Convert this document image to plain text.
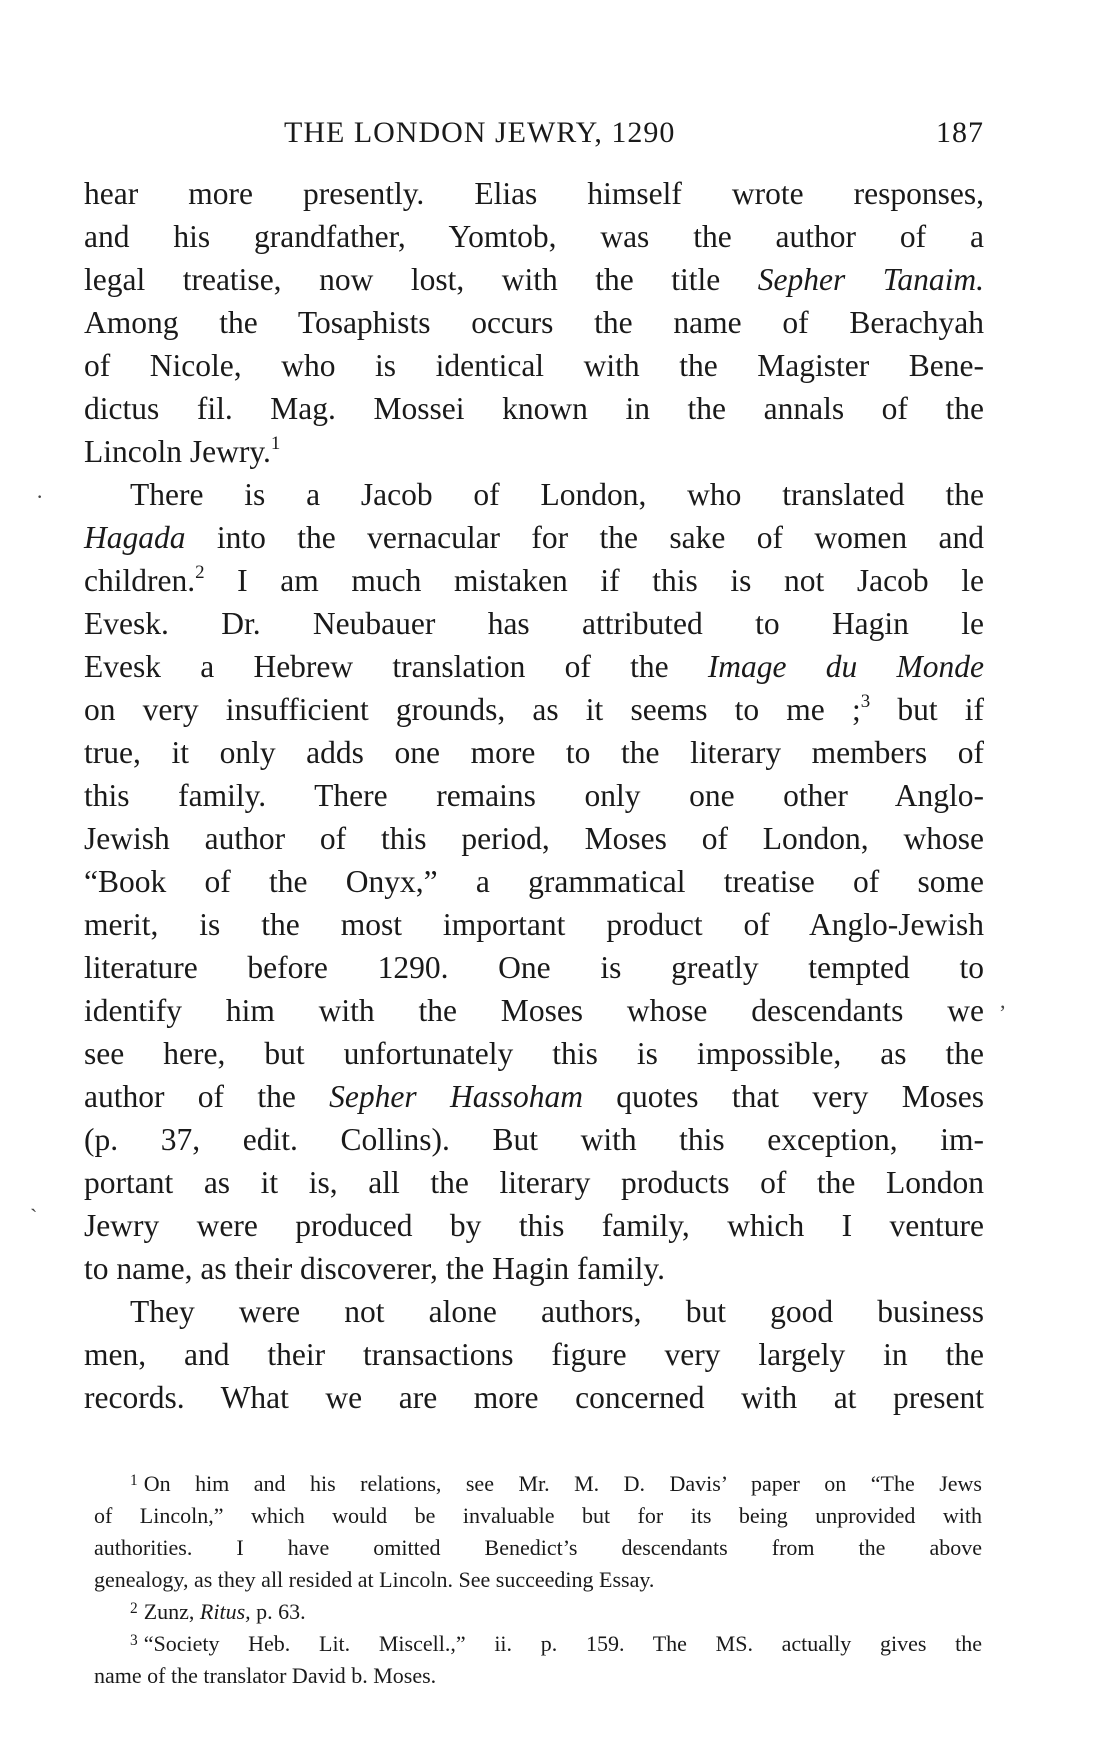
THE LONDON JEWRY, 1290	187
·
,
ˋ
hear more presently. Elias himself wrote responses,
and his grandfather, Yomtob, was the author of a
legal treatise, now lost, with the title Sepher Tanaim.
Among the Tosaphists occurs the name of Berachyah
of Nicole, who is identical with the Magister Bene-
dictus fil. Mag. Mossei known in the annals of the
Lincoln Jewry.$^1$
There is a Jacob of London, who translated the
Hagada into the vernacular for the sake of women and
children.$^2$ I am much mistaken if this is not Jacob le
Evesk. Dr. Neubauer has attributed to Hagin le
Evesk a Hebrew translation of the Image du Monde
on very insufficient grounds, as it seems to me ;$^3$ but if
true, it only adds one more to the literary members of
this family. There remains only one other Anglo-
Jewish author of this period, Moses of London, whose
“Book of the Onyx,” a grammatical treatise of some
merit, is the most important product of Anglo-Jewish
literature before 1290. One is greatly tempted to
identify him with the Moses whose descendants we
see here, but unfortunately this is impossible, as the
author of the Sepher Hassoham quotes that very Moses
(p. 37, edit. Collins). But with this exception, im-
portant as it is, all the literary products of the London
Jewry were produced by this family, which I venture
to name, as their discoverer, the Hagin family.
They were not alone authors, but good business
men, and their transactions figure very largely in the
records. What we are more concerned with at present
$^1$ On him and his relations, see Mr. M. D. Davis’ paper on “The Jews
of Lincoln,” which would be invaluable but for its being unprovided with
authorities. I have omitted Benedict’s descendants from the above
genealogy, as they all resided at Lincoln. See succeeding Essay.
$^2$ Zunz, Ritus, p. 63.
$^3$ “Society Heb. Lit. Miscell.,” ii. p. 159. The MS. actually gives the
name of the translator David b. Moses.
